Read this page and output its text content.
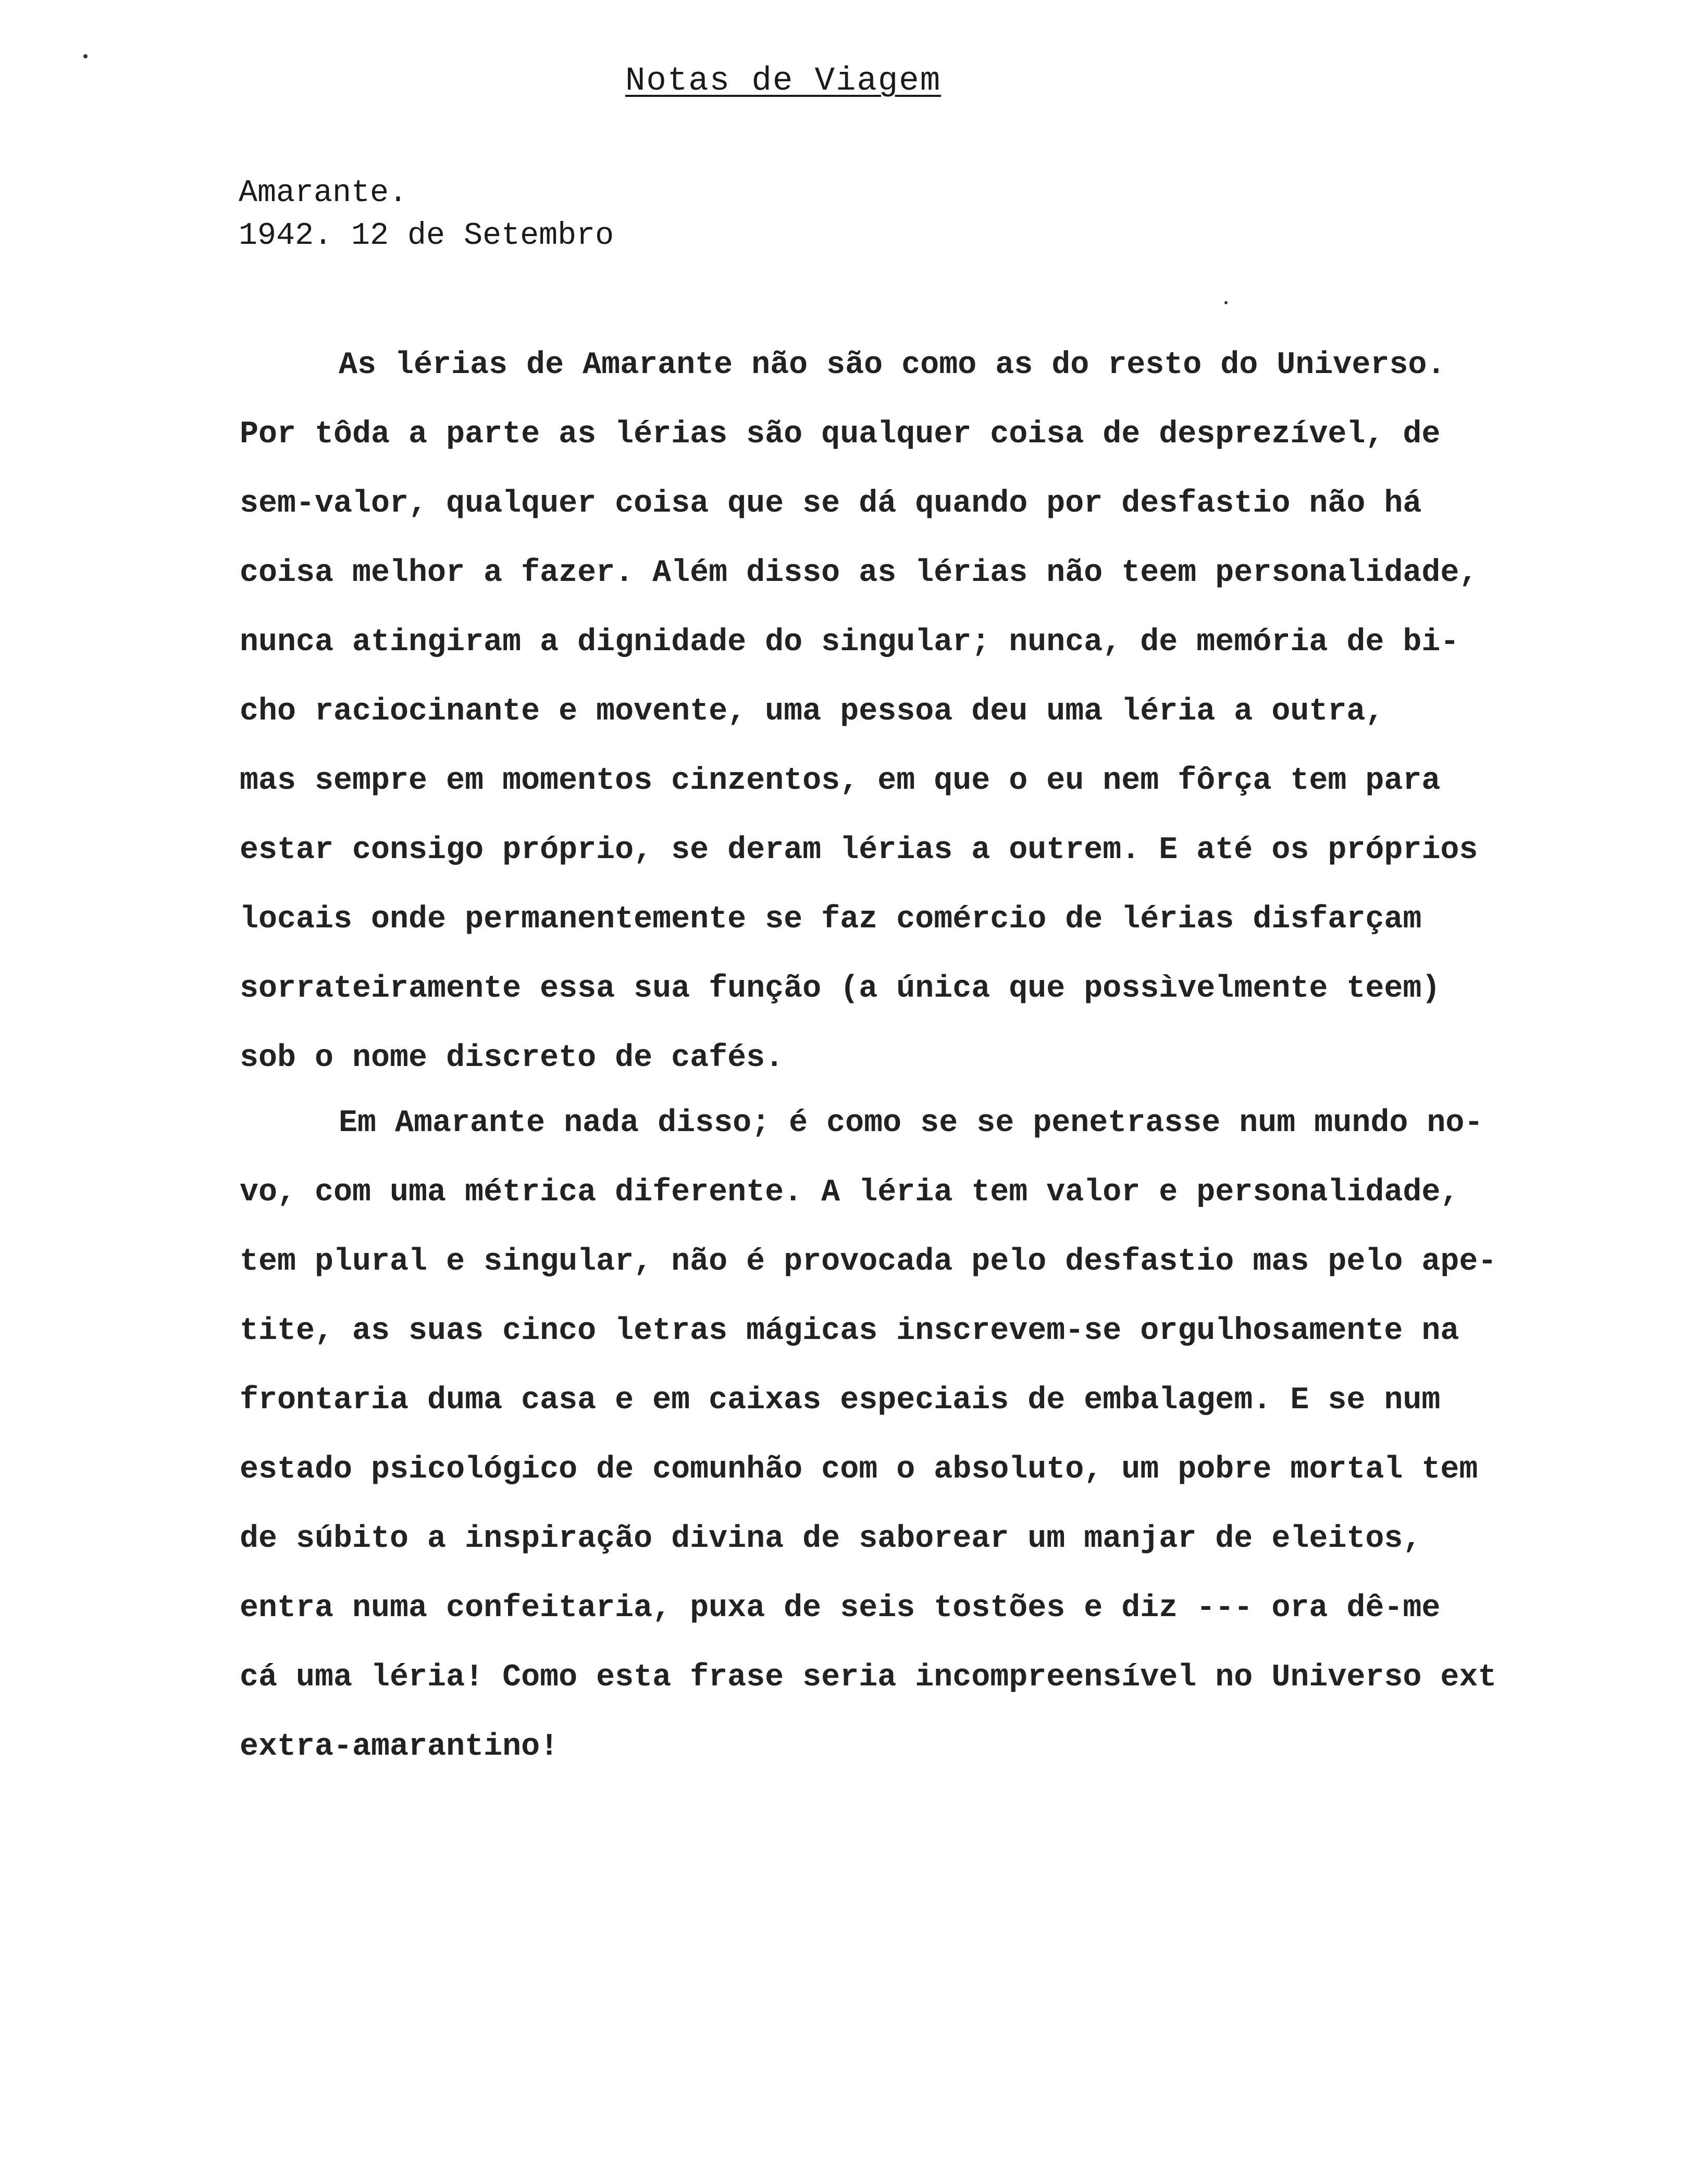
Notas de Viagem
Amarante.
1942. 12 de Setembro
As lérias de Amarante não são como as do resto do Universo.
Por tôda a parte as lérias são qualquer coisa de desprezível, de
sem-valor, qualquer coisa que se dá quando por desfastio não há
coisa melhor a fazer. Além disso as lérias não teem personalidade,
nunca atingiram a dignidade do singular; nunca, de memória de bi-
cho raciocinante e movente, uma pessoa deu uma léria a outra,
mas sempre em momentos cinzentos, em que o eu nem fôrça tem para
estar consigo próprio, se deram lérias a outrem. E até os próprios
locais onde permanentemente se faz comércio de lérias disfarçam
sorrateiramente essa sua função (a única que possìvelmente teem)
sob o nome discreto de cafés.
Em Amarante nada disso; é como se se penetrasse num mundo no-
vo, com uma métrica diferente. A léria tem valor e personalidade,
tem plural e singular, não é provocada pelo desfastio mas pelo ape-
tite, as suas cinco letras mágicas inscrevem-se orgulhosamente na
frontaria duma casa e em caixas especiais de embalagem. E se num
estado psicológico de comunhão com o absoluto, um pobre mortal tem
de súbito a inspiração divina de saborear um manjar de eleitos,
entra numa confeitaria, puxa de seis tostões e diz --- ora dê-me
cá uma léria! Como esta frase seria incompreensível no Universo ext
extra-amarantino!
